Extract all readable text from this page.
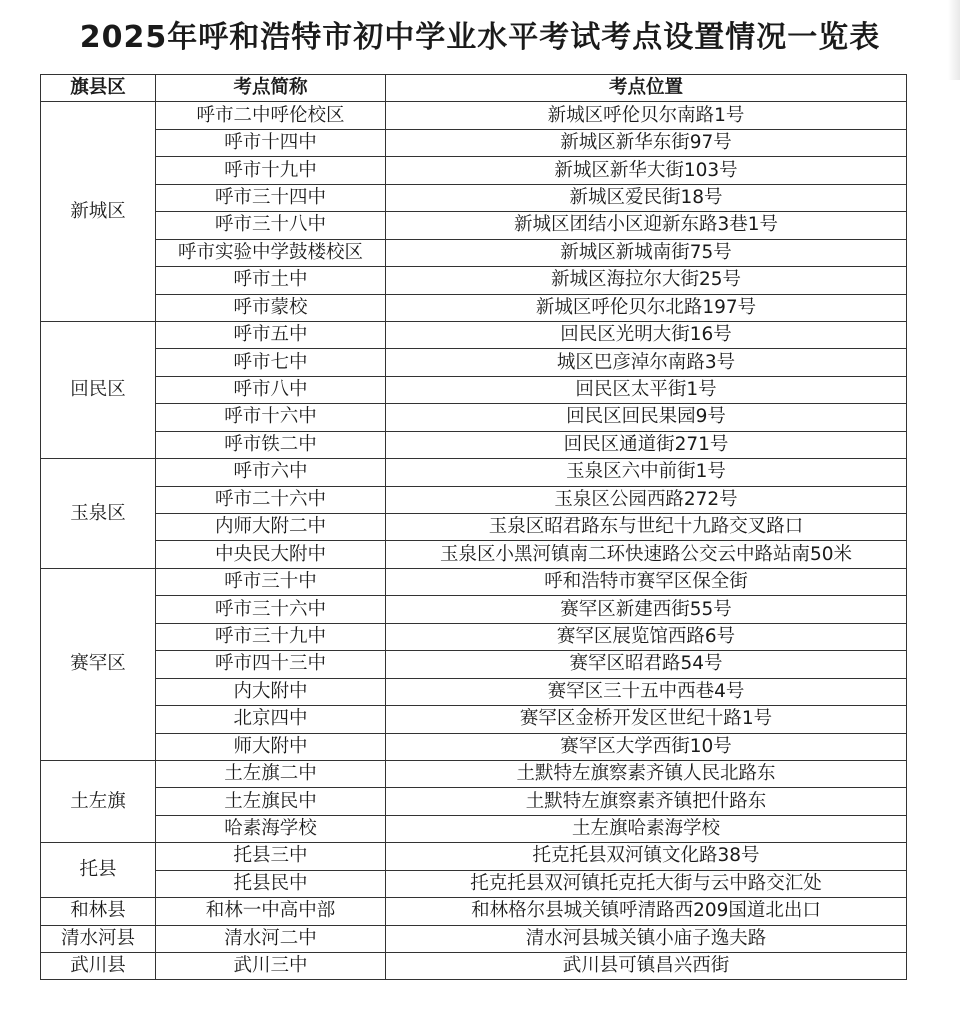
2025年呼和浩特市初中学业水平考试考点设置情况一览表
旗县区	考点简称	考点位置
新城区	呼市二中呼伦校区	新城区呼伦贝尔南路1号
	呼市十四中	新城区新华东街97号
	呼市十九中	新城区新华大街103号
	呼市三十四中	新城区爱民街18号
	呼市三十八中	新城区团结小区迎新东路3巷1号
	呼市实验中学鼓楼校区	新城区新城南街75号
	呼市土中	新城区海拉尔大街25号
	呼市蒙校	新城区呼伦贝尔北路197号
回民区	呼市五中	回民区光明大街16号
	呼市七中	城区巴彦淖尔南路3号
	呼市八中	回民区太平街1号
	呼市十六中	回民区回民果园9号
	呼市铁二中	回民区通道街271号
玉泉区	呼市六中	玉泉区六中前街1号
	呼市二十六中	玉泉区公园西路272号
	内师大附二中	玉泉区昭君路东与世纪十九路交叉路口
	中央民大附中	玉泉区小黑河镇南二环快速路公交云中路站南50米
赛罕区	呼市三十中	呼和浩特市赛罕区保全街
	呼市三十六中	赛罕区新建西街55号
	呼市三十九中	赛罕区展览馆西路6号
	呼市四十三中	赛罕区昭君路54号
	内大附中	赛罕区三十五中西巷4号
	北京四中	赛罕区金桥开发区世纪十路1号
	师大附中	赛罕区大学西街10号
土左旗	土左旗二中	土默特左旗察素齐镇人民北路东
	土左旗民中	土默特左旗察素齐镇把什路东
	哈素海学校	土左旗哈素海学校
托县	托县三中	托克托县双河镇文化路38号
	托县民中	托克托县双河镇托克托大街与云中路交汇处
和林县	和林一中高中部	和林格尔县城关镇呼清路西209国道北出口
清水河县	清水河二中	清水河县城关镇小庙子逸夫路
武川县	武川三中	武川县可镇昌兴西街
